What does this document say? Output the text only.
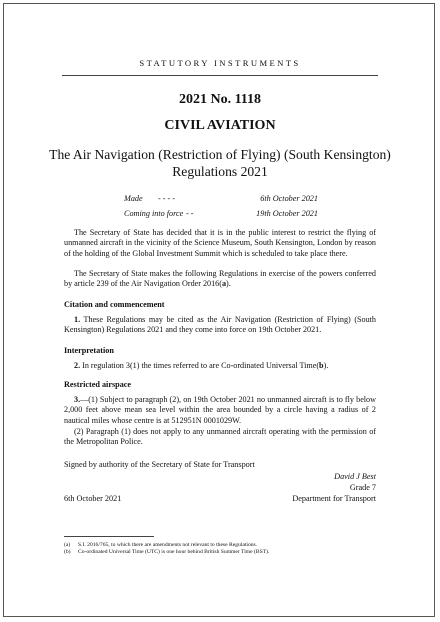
STATUTORY INSTRUMENTS
2021 No. 1118
CIVIL AVIATION
The Air Navigation (Restriction of Flying) (South Kensington) Regulations 2021
Made - - - -	6th October 2021
Coming into force - -	19th October 2021

The Secretary of State has decided that it is in the public interest to restrict the flying of unmanned aircraft in the vicinity of the Science Museum, South Kensington, London by reason of the holding of the Global Investment Summit which is scheduled to take place there.

The Secretary of State makes the following Regulations in exercise of the powers conferred by article 239 of the Air Navigation Order 2016(a).

Citation and commencement

1. These Regulations may be cited as the Air Navigation (Restriction of Flying) (South Kensington) Regulations 2021 and they come into force on 19th October 2021.

Interpretation

2. In regulation 3(1) the times referred to are Co-ordinated Universal Time(b).

Restricted airspace

3.—(1) Subject to paragraph (2), on 19th October 2021 no unmanned aircraft is to fly below 2,000 feet above mean sea level within the area bounded by a circle having a radius of 2 nautical miles whose centre is at 512951N 0001029W.

(2) Paragraph (1) does not apply to any unmanned aircraft operating with the permission of the Metropolitan Police.

Signed by authority of the Secretary of State for Transport
David J Best
Grade 7
6th October 2021	Department for Transport
(a) S.I. 2016/765, to which there are amendments not relevant to these Regulations.
(b) Co-ordinated Universal Time (UTC) is one hour behind British Summer Time (BST).
